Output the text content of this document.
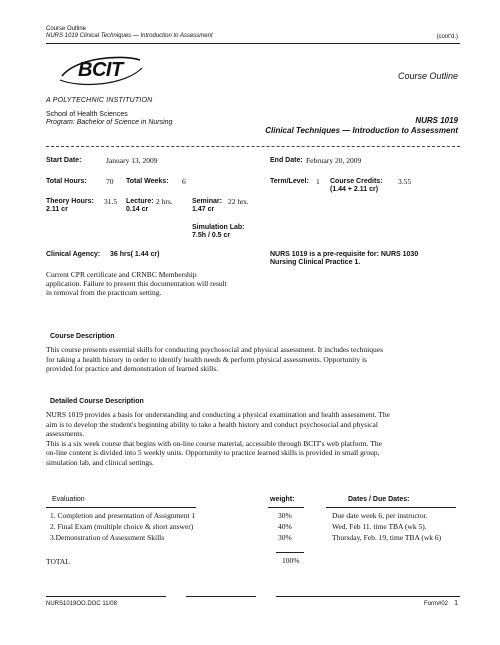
Course Outline
NURS 1019 Clinical Techniques — Introduction to Assessment	(cont'd.)
BCIT
A POLYTECHNIC INSTITUTION
Course Outline
School of Health Sciences
Program: Bachelor of Science in Nursing	NURS 1019
Clinical Techniques — Introduction to Assessment
Start Date:	January 13, 2009	End Date: February 20, 2009
Total Hours:	70 Total Weeks: 6	Term/Level: 1 Course Credits: 3.55
(1.44 + 2.11 cr)
Theory Hours: 31.5
2.11 cr
Lecture: 2 hrs.
0.14 cr
Seminar: 22 hrs.
1.47 cr
Simulation Lab:
7.5h / 0.5 cr
Clinical Agency: 36 hrs( 1.44 cr)	NURS 1019 is a pre-requisite for: NURS 1030
Nursing Clinical Practice 1.
Current CPR certificate and CRNBC Membership
application. Failure to present this documentation will result
in removal from the practicum setting.
Course Description
This course presents essential skills for conducting psychosocial and physical assessment. It includes techniques
for taking a health history in order to identify health needs & perform physical assessments. Opportunity is
provided for practice and demonstration of learned skills.
Detailed Course Description
NURS 1019 provides a basis for understanding and conducting a physical examination and health assessment. The
aim is to develop the student's beginning ability to take a health history and conduct psychosocial and physical
assessments.
This is a six week course that begins with on-line course material, accessible through BCIT's web platform. The
on-line content is divided into 5 weekly units. Opportunity to practice learned skills is provided in small group,
simulation lab, and clinical settings.
Evaluation	weight:	Dates / Due Dates:
1. Completion and presentation of Assignment 1	30%	Due date week 6, per instructor.
2. Final Exam (multiple choice & short answer)	40%	Wed, Feb 11. time TBA (wk 5).
3.Demonstration of Assessment Skills	30%	Thursday, Feb. 19, time TBA (wk 6)
TOTAL	100%
NURS1019OO.DOC 11/08	Form#02 1
